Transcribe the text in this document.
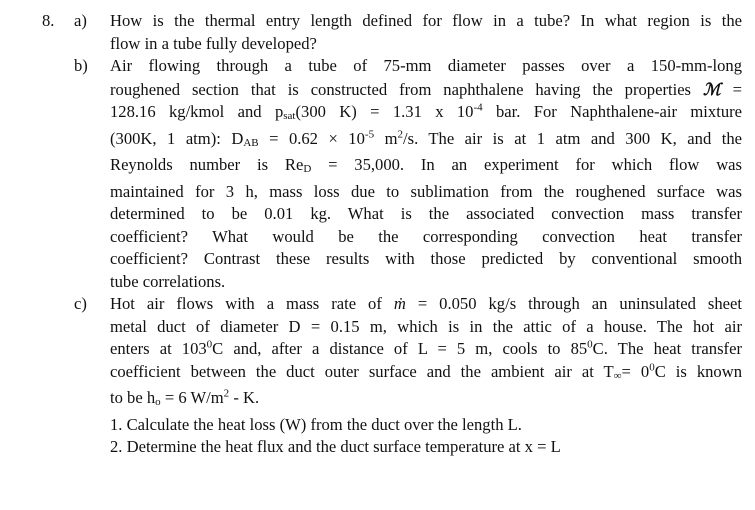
8. a) How is the thermal entry length defined for flow in a tube? In what region is the
flow in a tube fully developed?
b) Air flowing through a tube of 75-mm diameter passes over a 150-mm-long
roughened section that is constructed from naphthalene having the properties ℳ =
128.16 kg/kmol and psat(300 K) = 1.31 x $10^{-4}$ bar. For Naphthalene-air mixture
(300K, 1 atm): DAB = $0.62 \times 10^{-5}$ $m^2/s$. The air is at 1 atm and 300 K, and the
Reynolds number is ReD = 35,000. In an experiment for which flow was
maintained for 3 h, mass loss due to sublimation from the roughened surface was
determined to be 0.01 kg. What is the associated convection mass transfer
coefficient? What would be the corresponding convection heat transfer
coefficient? Contrast these results with those predicted by conventional smooth
tube correlations.
c) Hot air flows with a mass rate of ṁ = 0.050 kg/s through an uninsulated sheet
metal duct of diameter D = 0.15 m, which is in the attic of a house. The hot air
enters at $103^0C$ and, after a distance of L = 5 m, cools to $85^0C$. The heat transfer
coefficient between the duct outer surface and the ambient air at $T\infty= 0^0C$ is known
to be ho = 6 $W/m^2$ - K.
1. Calculate the heat loss (W) from the duct over the length L.
2. Determine the heat flux and the duct surface temperature at x = L
